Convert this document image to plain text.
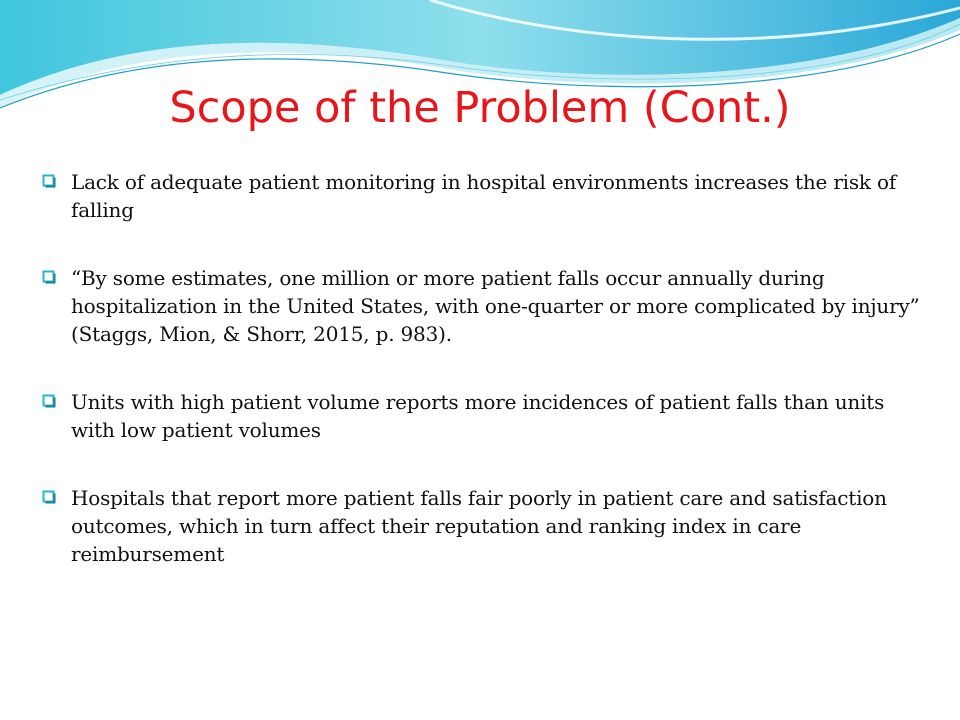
Scope of the Problem (Cont.)
Lack of adequate patient monitoring in hospital environments increases the risk of falling
“By some estimates, one million or more patient falls occur annually during hospitalization in the United States, with one-quarter or more complicated by injury” (Staggs, Mion, & Shorr, 2015, p. 983).
Units with high patient volume reports more incidences of patient falls than units with low patient volumes
Hospitals that report more patient falls fair poorly in patient care and satisfaction outcomes, which in turn affect their reputation and ranking index in care reimbursement
